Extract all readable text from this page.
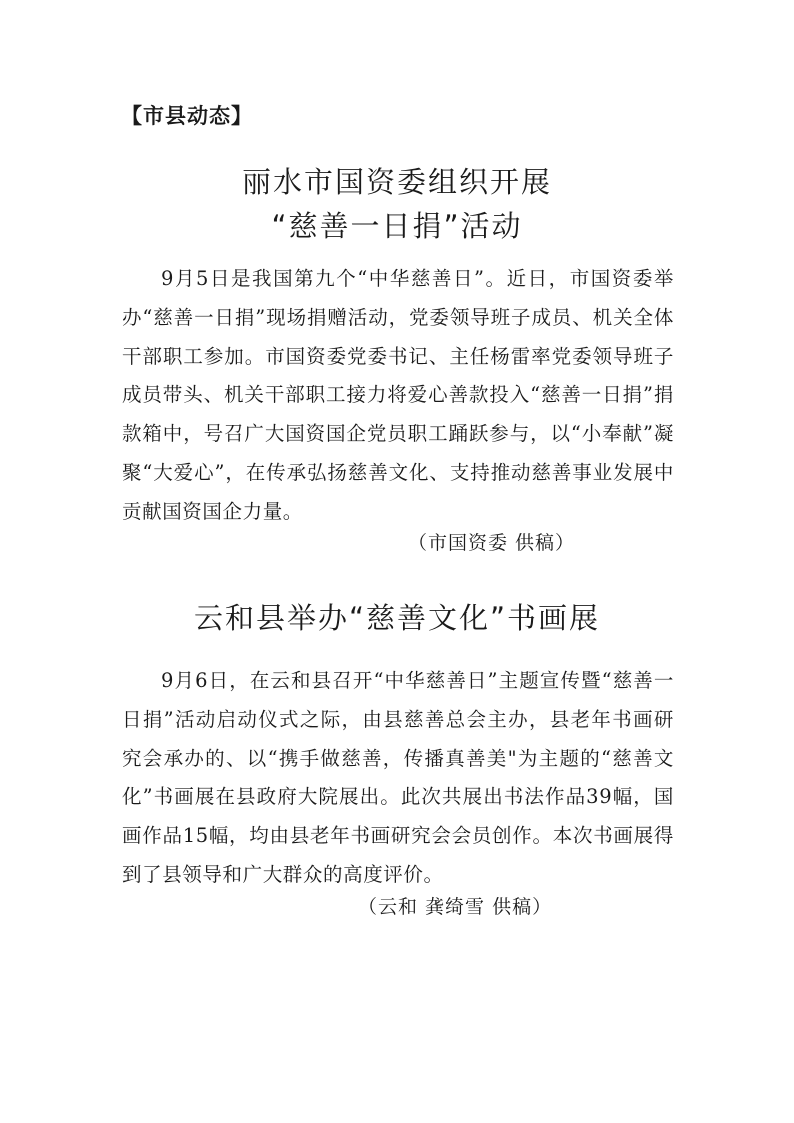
【市县动态】
丽水市国资委组织开展
“慈善一日捐”活动

9月5日是我国第九个“中华慈善日”。近日，市国资委举办“慈善一日捐”现场捐赠活动，党委领导班子成员、机关全体干部职工参加。市国资委党委书记、主任杨雷率党委领导班子成员带头、机关干部职工接力将爱心善款投入“慈善一日捐”捐款箱中，号召广大国资国企党员职工踊跃参与，以“小奉献”凝聚“大爱心”，在传承弘扬慈善文化、支持推动慈善事业发展中贡献国资国企力量。

（市国资委 供稿）
云和县举办“慈善文化”书画展

9月6日，在云和县召开“中华慈善日”主题宣传暨“慈善一日捐”活动启动仪式之际，由县慈善总会主办，县老年书画研究会承办的、以“携手做慈善，传播真善美"为主题的“慈善文化”书画展在县政府大院展出。此次共展出书法作品39幅，国画作品15幅，均由县老年书画研究会会员创作。本次书画展得到了县领导和广大群众的高度评价。

（云和 龚绮雪 供稿）
